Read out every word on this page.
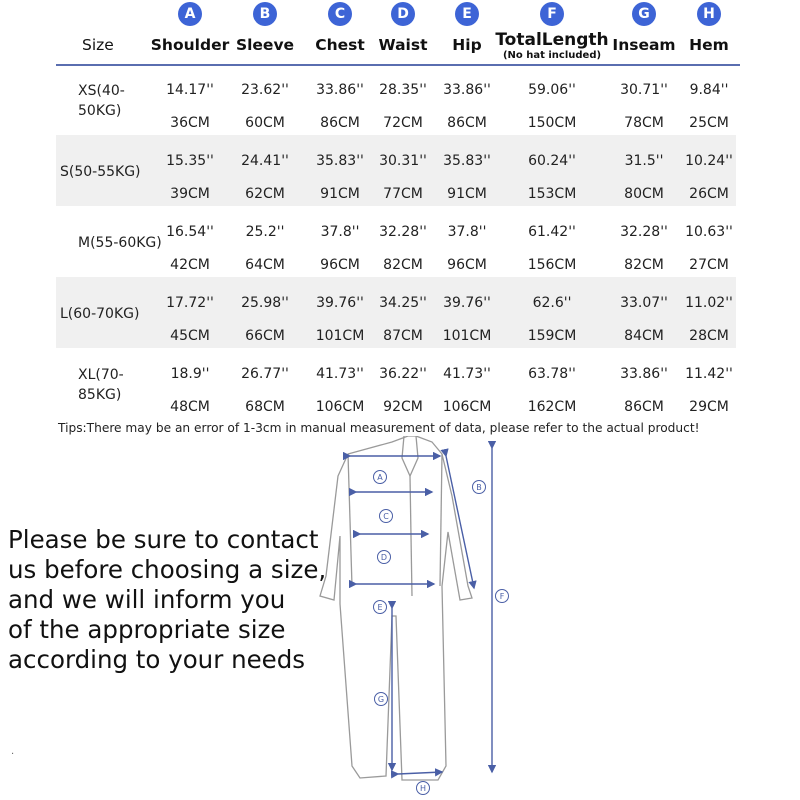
Size
A
Shoulder
B
Sleeve
C
Chest
D
Waist
E
Hip
F
TotalLength
(No hat included)
G
Inseam
H
Hem
XS(40-50KG)
14.17''
36CM
23.62''
60CM
33.86''
86CM
28.35''
72CM
33.86''
86CM
59.06''
150CM
30.71''
78CM
9.84''
25CM
S(50-55KG)
15.35''
39CM
24.41''
62CM
35.83''
91CM
30.31''
77CM
35.83''
91CM
60.24''
153CM
31.5''
80CM
10.24''
26CM
M(55-60KG)
16.54''
42CM
25.2''
64CM
37.8''
96CM
32.28''
82CM
37.8''
96CM
61.42''
156CM
32.28''
82CM
10.63''
27CM
L(60-70KG)
17.72''
45CM
25.98''
66CM
39.76''
101CM
34.25''
87CM
39.76''
101CM
62.6''
159CM
33.07''
84CM
11.02''
28CM
XL(70-85KG)
18.9''
48CM
26.77''
68CM
41.73''
106CM
36.22''
92CM
41.73''
106CM
63.78''
162CM
33.86''
86CM
11.42''
29CM
Tips:There may be an error of 1-3cm in manual measurement of data, please refer to the actual product!
Please be sure to contact
us before choosing a size,
and we will inform you
of the appropriate size
according to your needs
A
B
C
D
E
F
G
H
.
